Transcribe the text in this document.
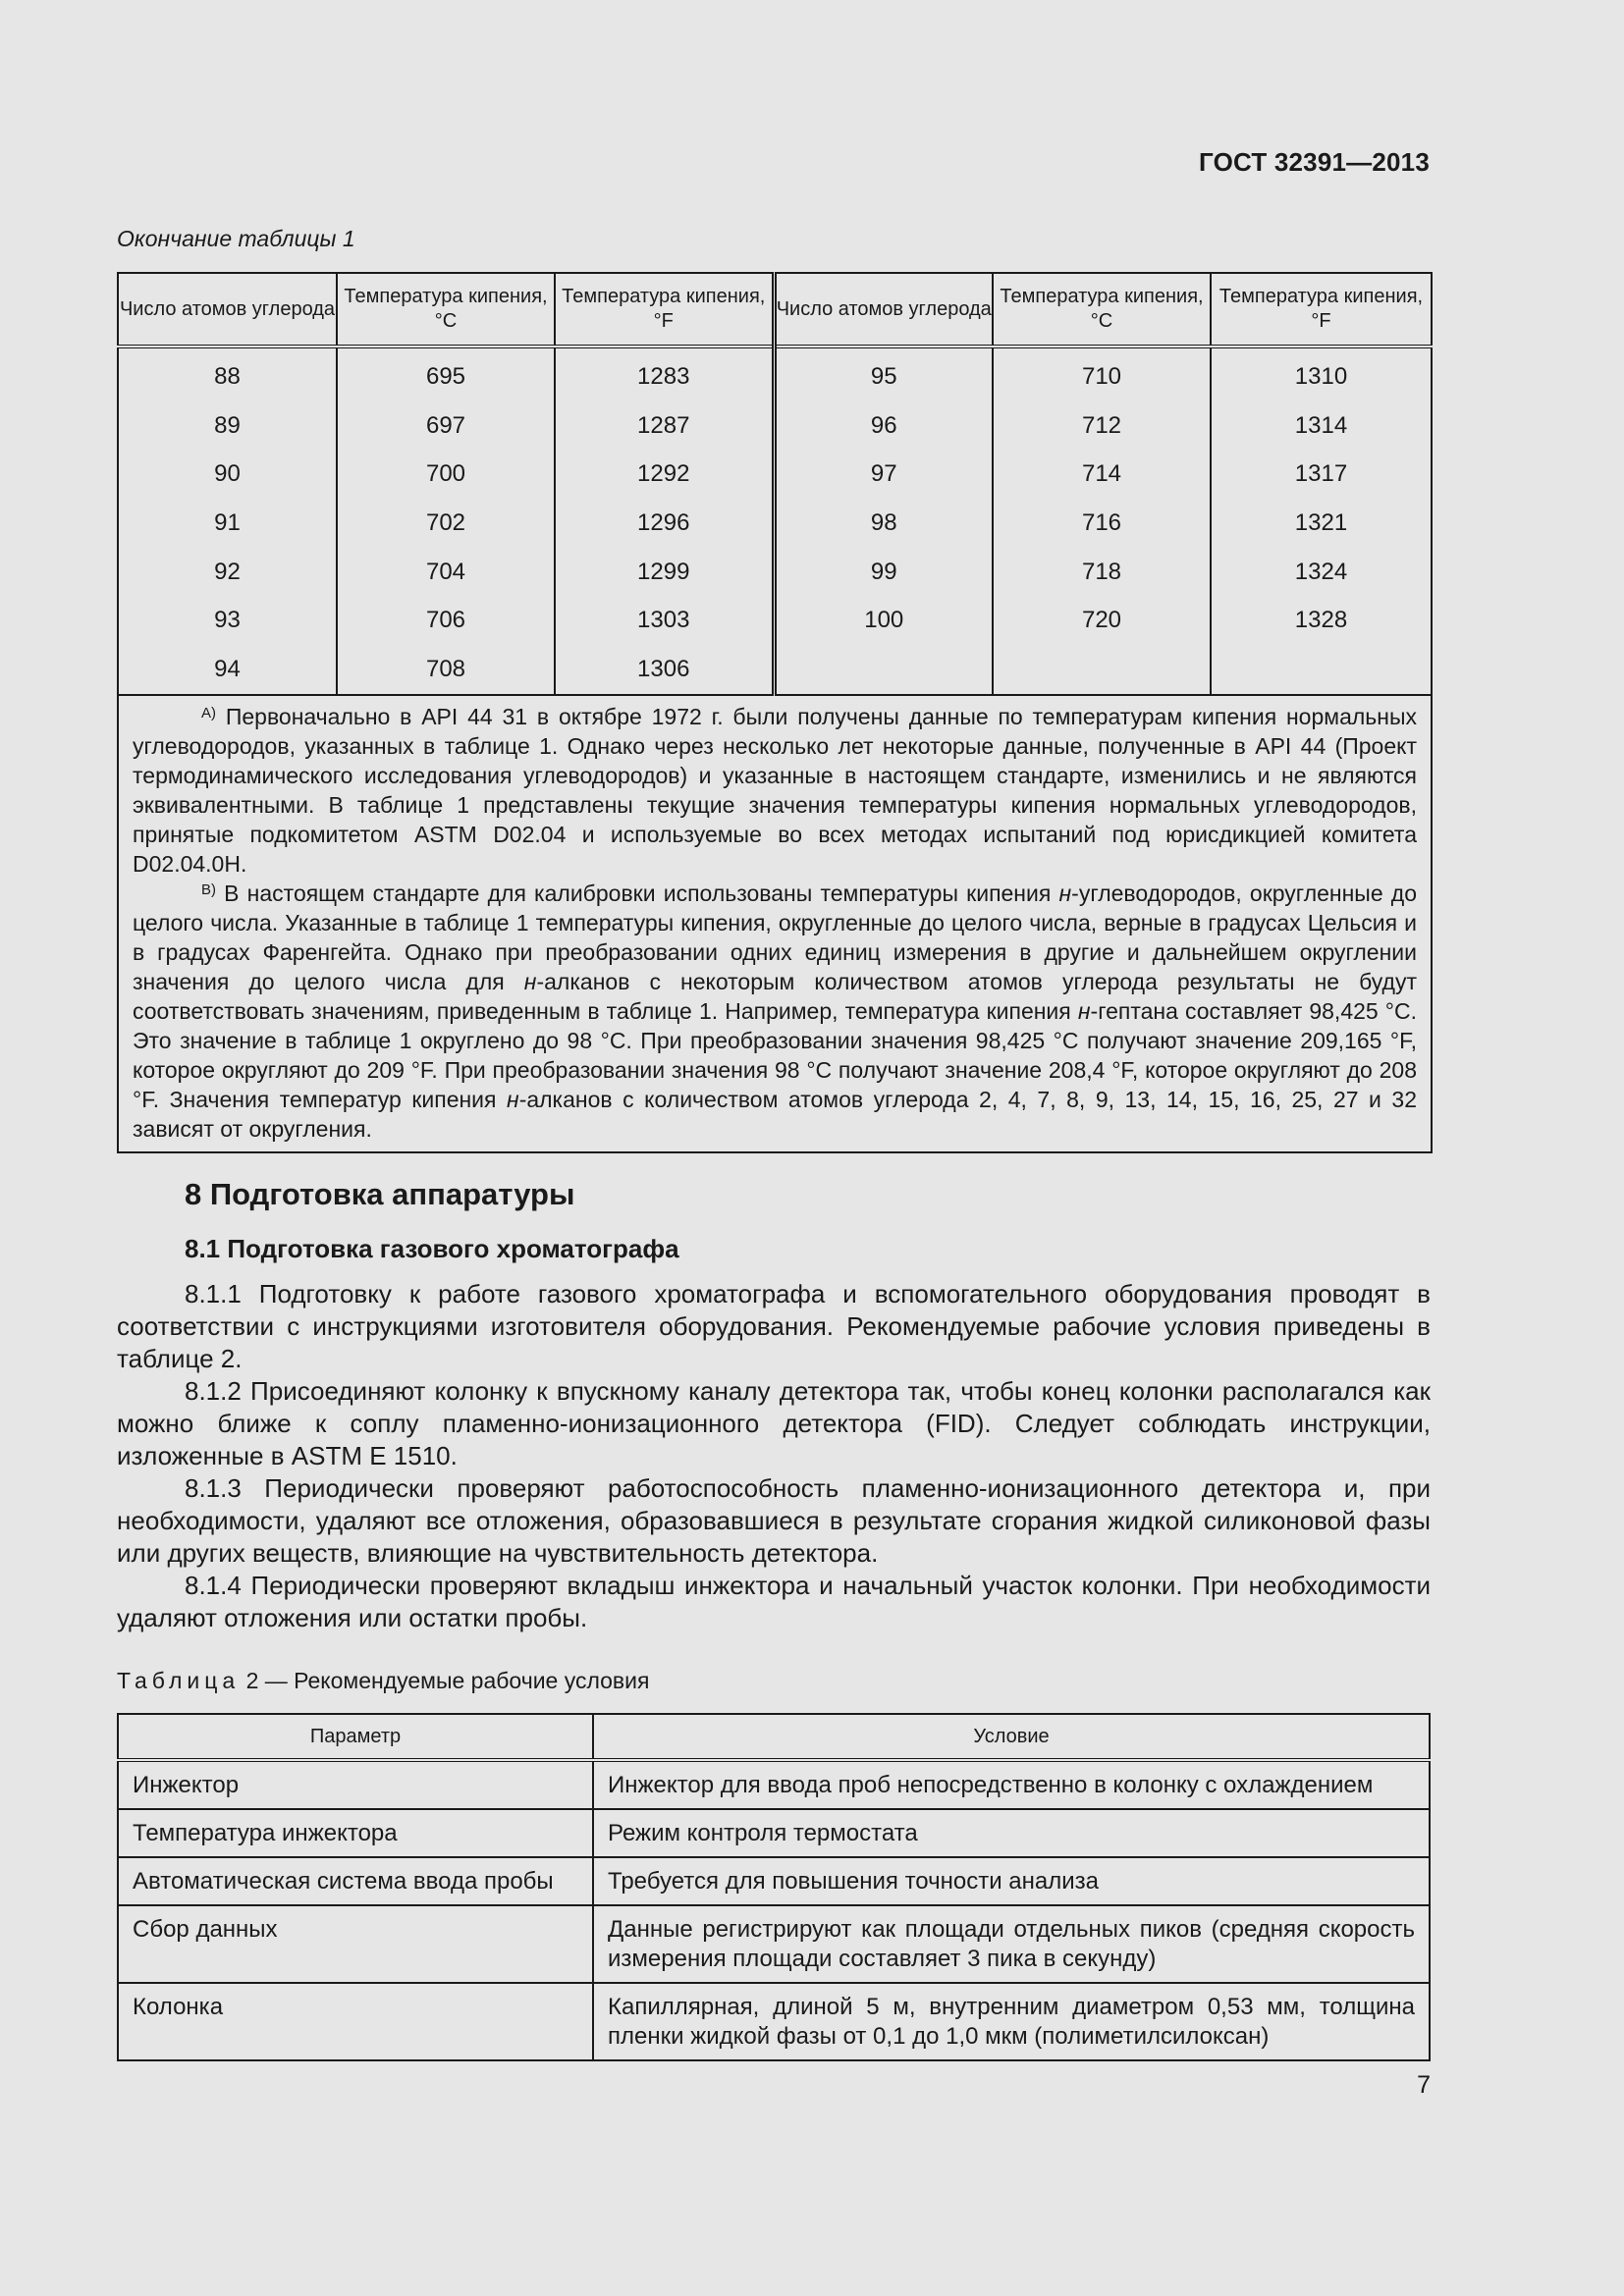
ГОСТ 32391—2013
Окончание таблицы 1
Число атомов углерода	Температура кипения, °C	Температура кипения, °F	Число атомов углерода	Температура кипения, °C	Температура кипения, °F
88	695	1283	95	710	1310
89	697	1287	96	712	1314
90	700	1292	97	714	1317
91	702	1296	98	716	1321
92	704	1299	99	718	1324
93	706	1303	100	720	1328
94	708	1306			

$^{A)}$ Первоначально в API 44 31 в октябре 1972 г. были получены данные по температурам кипения нормальных углеводородов, указанных в таблице 1. Однако через несколько лет некоторые данные, полученные в API 44 (Проект термодинамического исследования углеводородов) и указанные в настоящем стандарте, изменились и не являются эквивалентными. В таблице 1 представлены текущие значения температуры кипения нормальных углеводородов, принятые подкомитетом ASTM D02.04 и используемые во всех методах испытаний под юрисдикцией комитета D02.04.0H.

$^{B)}$ В настоящем стандарте для калибровки использованы температуры кипения н-углеводородов, округленные до целого числа. Указанные в таблице 1 температуры кипения, округленные до целого числа, верные в градусах Цельсия и в градусах Фаренгейта. Однако при преобразовании одних единиц измерения в другие и дальнейшем округлении значения до целого числа для н-алканов с некоторым количеством атомов углерода результаты не будут соответствовать значениям, приведенным в таблице 1. Например, температура кипения н-гептана составляет 98,425 °С. Это значение в таблице 1 округлено до 98 °С. При преобразовании значения 98,425 °С получают значение 209,165 °F, которое округляют до 209 °F. При преобразовании значения 98 °С получают значение 208,4 °F, которое округляют до 208 °F. Значения температур кипения н-алканов с количеством атомов углерода 2, 4, 7, 8, 9, 13, 14, 15, 16, 25, 27 и 32 зависят от округления.					

8 Подготовка аппаратуры
8.1 Подготовка газового хроматографа

8.1.1 Подготовку к работе газового хроматографа и вспомогательного оборудования проводят в соответствии с инструкциями изготовителя оборудования. Рекомендуемые рабочие условия приведены в таблице 2.

8.1.2 Присоединяют колонку к впускному каналу детектора так, чтобы конец колонки располагался как можно ближе к соплу пламенно-ионизационного детектора (FID). Следует соблюдать инструкции, изложенные в ASTM E 1510.

8.1.3 Периодически проверяют работоспособность пламенно-ионизационного детектора и, при необходимости, удаляют все отложения, образовавшиеся в результате сгорания жидкой силиконовой фазы или других веществ, влияющие на чувствительность детектора.

8.1.4 Периодически проверяют вкладыш инжектора и начальный участок колонки. При необходимости удаляют отложения или остатки пробы.

Таблица 2 — Рекомендуемые рабочие условия
Параметр	Условие
Инжектор	Инжектор для ввода проб непосредственно в колонку с охлаждением
Температура инжектора	Режим контроля термостата
Автоматическая система ввода пробы	Требуется для повышения точности анализа
Сбор данных	Данные регистрируют как площади отдельных пиков (средняя скорость измерения площади составляет 3 пика в секунду)
Колонка	Капиллярная, длиной 5 м, внутренним диаметром 0,53 мм, толщина пленки жидкой фазы от 0,1 до 1,0 мкм (полиметилсилоксан)
7
